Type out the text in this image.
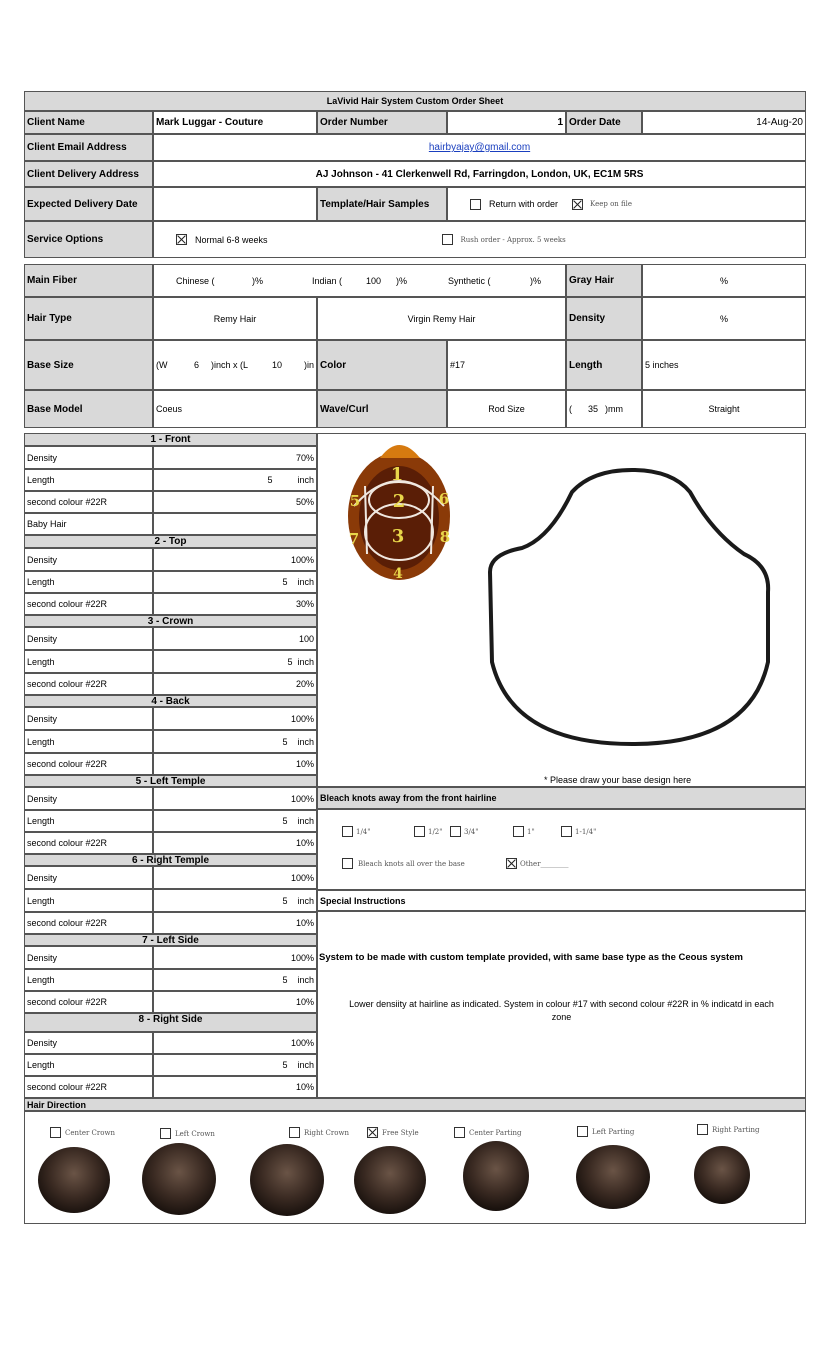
LaVivid Hair System Custom Order Sheet
Client Name	Mark Luggar - Couture	Order Number	1 Order Date	14-Aug-20
Client Email Address	hairbyajay@gmail.com
Client Delivery Address	AJ Johnson - 41 Clerkenwell Rd, Farringdon, London, UK, EC1M 5RS
Expected Delivery Date	Template/Hair Samples	Return with order	Keep on file
Service Options	Normal 6-8 weeks	Rush order - Approx. 5 weeks
Main Fiber	Chinese (	)%	Indian (	100 )%	Synthetic (	)%	Gray Hair	%
Hair Type	Remy Hair	Virgin Remy Hair	Density	%
Base Size	(W	6 )inch x (L	10 )in Color	#17	Length	5 inches
Base Model	Coeus	Wave/Curl	Rod Size	( 35 )mm	Straight
1 - Front
Density	70%
Length	5          inch
second colour #22R	50%
Baby Hair
2 - Top
Density	100%
Length	5    inch
second colour #22R	30%
3 - Crown
Density	100
Length	5  inch
second colour #22R	20%
4 - Back
Density	100%
Length	5    inch
second colour #22R	10%
5 - Left Temple
Density	100%
Length	5    inch
second colour #22R	10%
6 - Right Temple
Density	100%
Length	5    inch
second colour #22R	10%
7 - Left Side
Density	100%
Length	5    inch
second colour #22R	10%
8 - Right Side
Density	100%
Length	5    inch
second colour #22R	10%
1
2
3
4
5	6
7	8
* Please draw your base design here
Bleach knots away from the front hairline
1/4"	1/2"	3/4"	1"	1-1/4"
Bleach knots all over the base	Other________
Special Instructions
System to be made with custom template provided, with same base type as the Ceous system
Lower densiity at hairline as indicated. System in colour #17 with second colour #22R in % indicatd in each
zone
Hair Direction
Center Crown	Left Crown	Right Crown	Free Style	Center Parting	Left Parting	Right Parting
